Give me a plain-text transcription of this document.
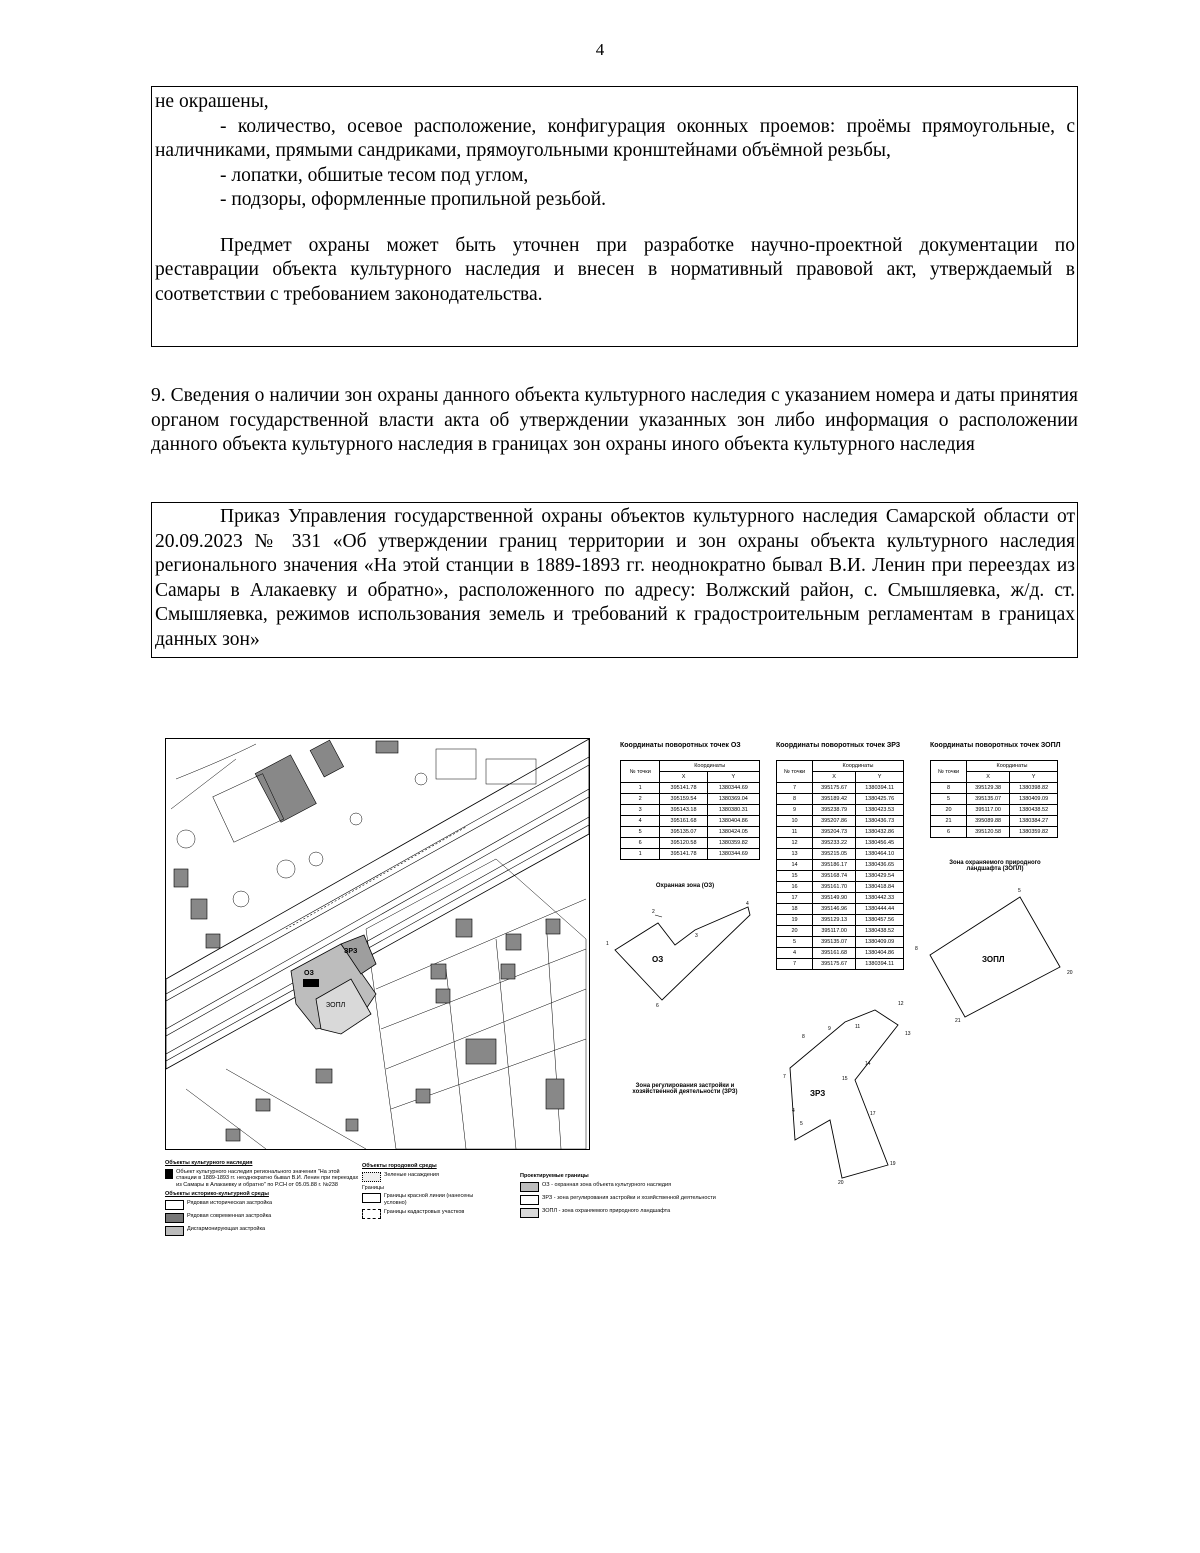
4

не окрашены,

- количество, осевое расположение, конфигурация оконных проемов: проёмы прямоугольные, с наличниками, прямыми сандриками, прямоугольными кронштейнами объёмной резьбы,

- лопатки, обшитые тесом под углом,

- подзоры, оформленные пропильной резьбой.

Предмет охраны может быть уточнен при разработке научно-проектной документации по реставрации объекта культурного наследия и внесен в нормативный правовой акт, утверждаемый в соответствии с требованием законодательства.

9. Сведения о наличии зон охраны данного объекта культурного наследия с указанием номера и даты принятия органом государственной власти акта об утверждении указанных зон либо информация о расположении данного объекта культурного наследия в границах зон охраны иного объекта культурного наследия

Приказ Управления государственной охраны объектов культурного наследия Самарской области от 20.09.2023 № 331 «Об утверждении границ территории и зон охраны объекта культурного наследия регионального значения «На этой станции в 1889-1893 гг. неоднократно бывал В.И. Ленин при переездах из Самары в Алакаевку и обратно», расположенного по адресу: Волжский район, с. Смышляевка, ж/д. ст. Смышляевка, режимов использования земель и требований к градостроительным регламентам в границах данных зон»

ОЗ
ЗРЗ
ЗОПЛ
Координаты поворотных точек ОЗ
№ точки	Координаты	
	X	Y
1	395141.78	1380344.69
2	395159.54	1380369.04
3	395143.18	1380380.31
4	395161.68	1380404.86
5	395135.07	1380424.05
6	395120.58	1380359.82
1	395141.78	1380344.69
Координаты поворотных точек ЗРЗ
№ точки	Координаты	
	X	Y
7	395175.67	1380394.11
8	395189.42	1380425.76
9	395238.79	1380423.53
10	395207.86	1380436.73
11	395204.73	1380432.86
12	395233.22	1380456.45
13	395215.05	1380464.10
14	395186.17	1380436.65
15	395168.74	1380429.54
16	395161.70	1380418.84
17	395149.90	1380442.33
18	395146.96	1380444.44
19	395129.13	1380457.56
20	395117.00	1380438.52
5	395135.07	1380409.09
4	395161.68	1380404.86
7	395175.67	1380394.11
Координаты поворотных точек ЗОПЛ
№ точки	Координаты	
	X	Y
8	395129.38	1380398.82
5	395135.07	1380409.09
20	395117.00	1380438.52
21	395089.88	1380384.27
6	395120.58	1380359.82
Охранная зона (ОЗ)
2
1
3
4
6
ОЗ
Зона охраняемого природного ландшафта (ЗОПЛ)
5
8
20
21
ЗОПЛ
8
9	11
12
13
14
15
7
17
4
5
19
20
ЗРЗ
Зона регулирования застройки и хозяйственной деятельности (ЗРЗ)
Объекты культурного наследия
Объект культурного наследия регионального значения "На этой станции в 1889-1893 гг. неоднократно бывал В.И. Ленин при переездах из Самары в Алакаевку и обратно" по Р.СН от 05.05.88 г. №238
Объекты историко-культурной среды
Рядовая историческая застройка
Рядовая современная застройка
Дисгармонирующая застройка
Объекты городовой среды
Зеленые насаждения
Границы
Границы красной линии (нанесены условно)
Границы кадастровых участков
Проектируемые границы
ОЗ - охранная зона объекта культурного наследия
ЗРЗ - зона регулирования застройки и хозяйственной деятельности
ЗОПЛ - зона охраняемого природного ландшафта
